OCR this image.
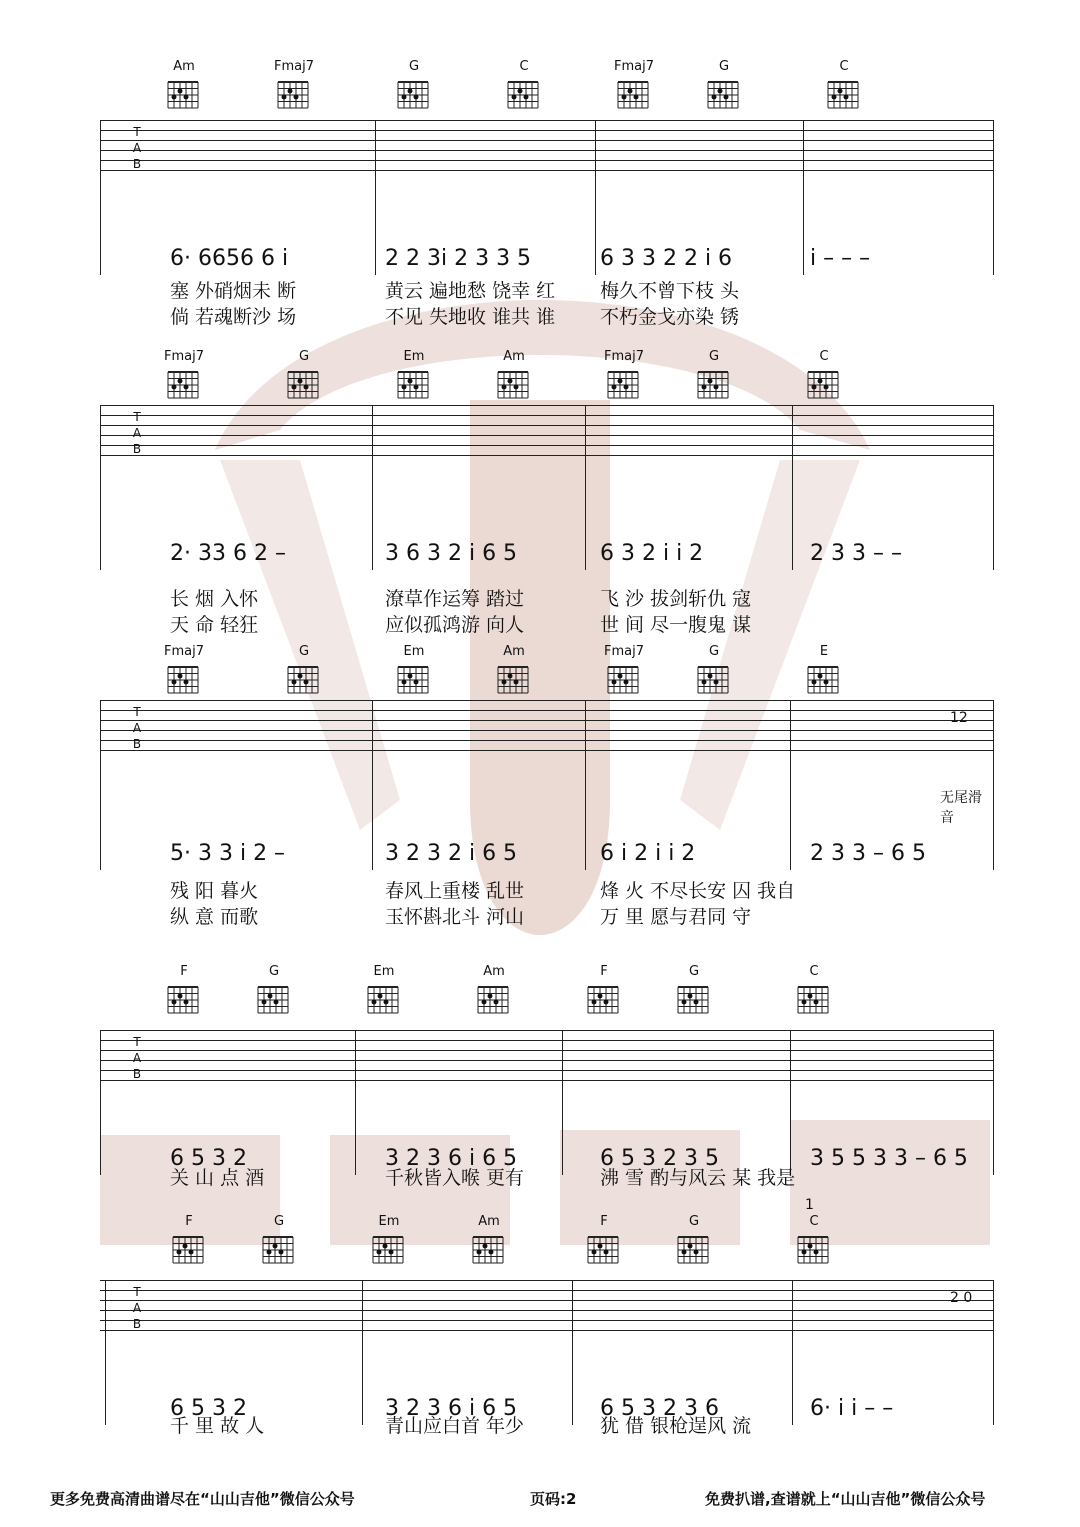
Am	Fmaj7	G	C	Fmaj7	G	C
T
A
B
6· 6656 6 i	2 2 3i 2 3 3 5	6 3 3 2 2 i 6	i – – –
塞 外硝烟未 断	黄云 遍地愁 饶幸 红 梅久不曾下枝 头
倘 若魂断沙 场	不见 失地收 谁共 谁 不朽金戈亦染 锈
Fmaj7	G	Em	Am	Fmaj7	G	C
T
A
B
2· 33 6 2 –	3 6 3 2 i 6 5	6 3 2 i i 2	2 3 3 – –
长 烟 入怀	潦草作运筹 踏过	飞 沙 拔剑斩仇 寇
天 命 轻狂	应似孤鸿游 向人	世 间 尽一腹鬼 谋
Fmaj7	G	Em	Am	Fmaj7	G	E
T
A
B
5· 3 3 i 2 –	3 2 3 2 i 6 5	6 i 2 i i 2	2 3 3 – 6 5
残 阳 暮火	春风上重楼 乱世	烽 火 不尽长安 囚 我自
纵 意 而歌	玉怀斟北斗 河山	万 里 愿与君同 守
无尾滑音
12
F	G	Em	Am	F	G	C
T
A
B
6 5 3 2	3 2 3 6 i 6 5	6 5 3 2 3 5	3 5 5 3 3 – 6 5
关 山 点 酒	千秋皆入喉 更有	沸 雪 酌与风云 某 我是
1
F	G	Em	Am	F	G	C
T
A
B
6 5 3 2	3 2 3 6 i 6 5	6 5 3 2 3 6	6· i i – –
千 里 故 人	青山应白首 年少	犹 借 银枪逞风 流
2 0
更多免费高清曲谱尽在“山山吉他”微信公众号	页码:2	免费扒谱,查谱就上“山山吉他”微信公众号
